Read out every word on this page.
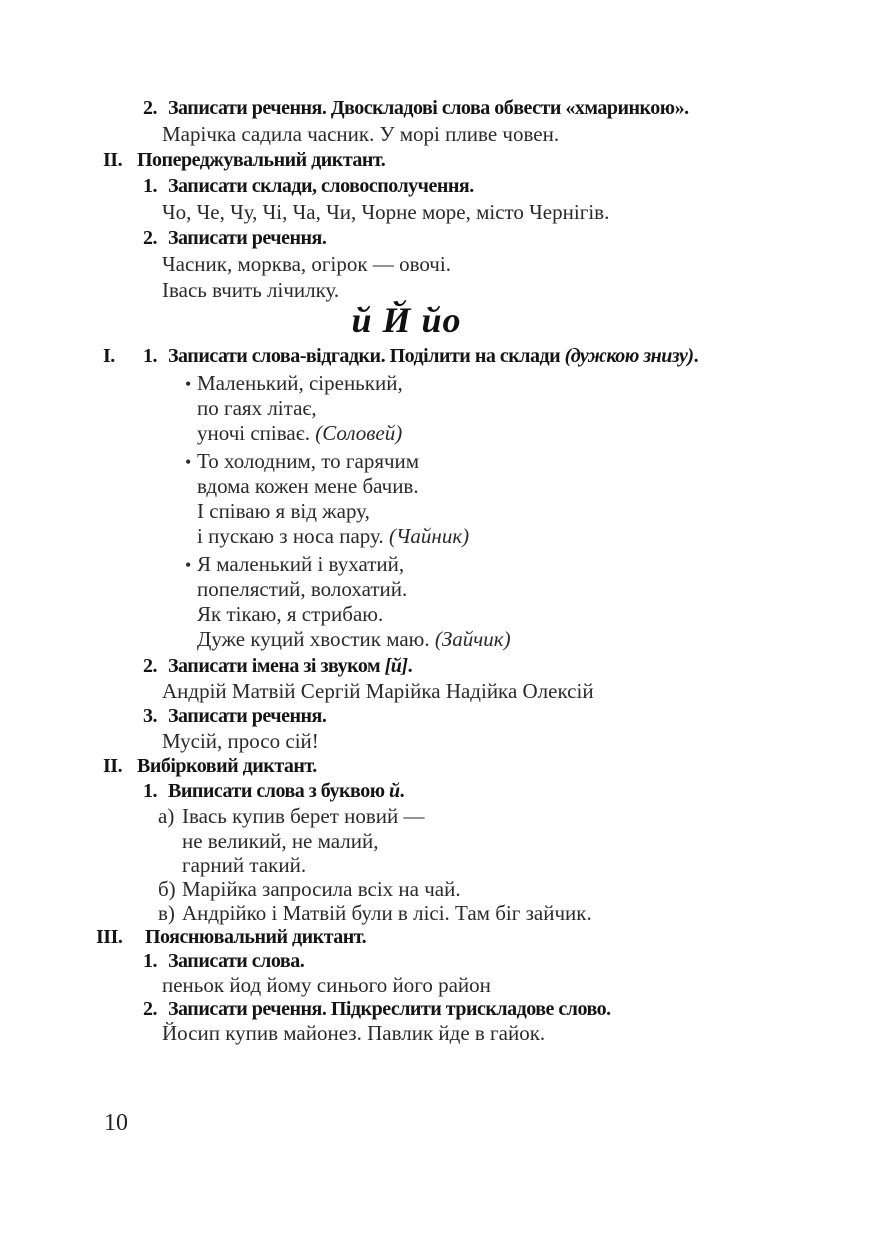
2. Записати речення. Двоскладові слова обвести «хмаринкою».
Марічка садила часник. У морі пливе човен.
II. Попереджувальний диктант.
1. Записати склади, словосполучення.
Чо, Че, Чу, Чі, Ча, Чи, Чорне море, місто Чернігів.
2. Записати речення.
Часник, морква, огірок — овочі.
Івась вчить лічилку.
й Й йо
I. 1. Записати слова-відгадки. Поділити на склади (дужкою знизу).
• Маленький, сіренький,
по гаях літає,
уночі співає. (Соловей)
• То холодним, то гарячим
вдома кожен мене бачив.
І співаю я від жару,
і пускаю з носа пару. (Чайник)
• Я маленький і вухатий,
попелястий, волохатий.
Як тікаю, я стрибаю.
Дуже куций хвостик маю. (Зайчик)
2. Записати імена зі звуком [й].
Андрій Матвій Сергій Марійка Надійка Олексій
3. Записати речення.
Мусій, просо сій!
II. Вибірковий диктант.
1. Виписати слова з буквою й.
а) Івась купив берет новий —
не великий, не малий,
гарний такий.
б) Марійка запросила всіх на чай.
в) Андрійко і Матвій були в лісі. Там біг зайчик.
III. Пояснювальний диктант.
1. Записати слова.
пеньок йод йому синього його район
2. Записати речення. Підкреслити трискладове слово.
Йосип купив майонез. Павлик йде в гайок.
10
